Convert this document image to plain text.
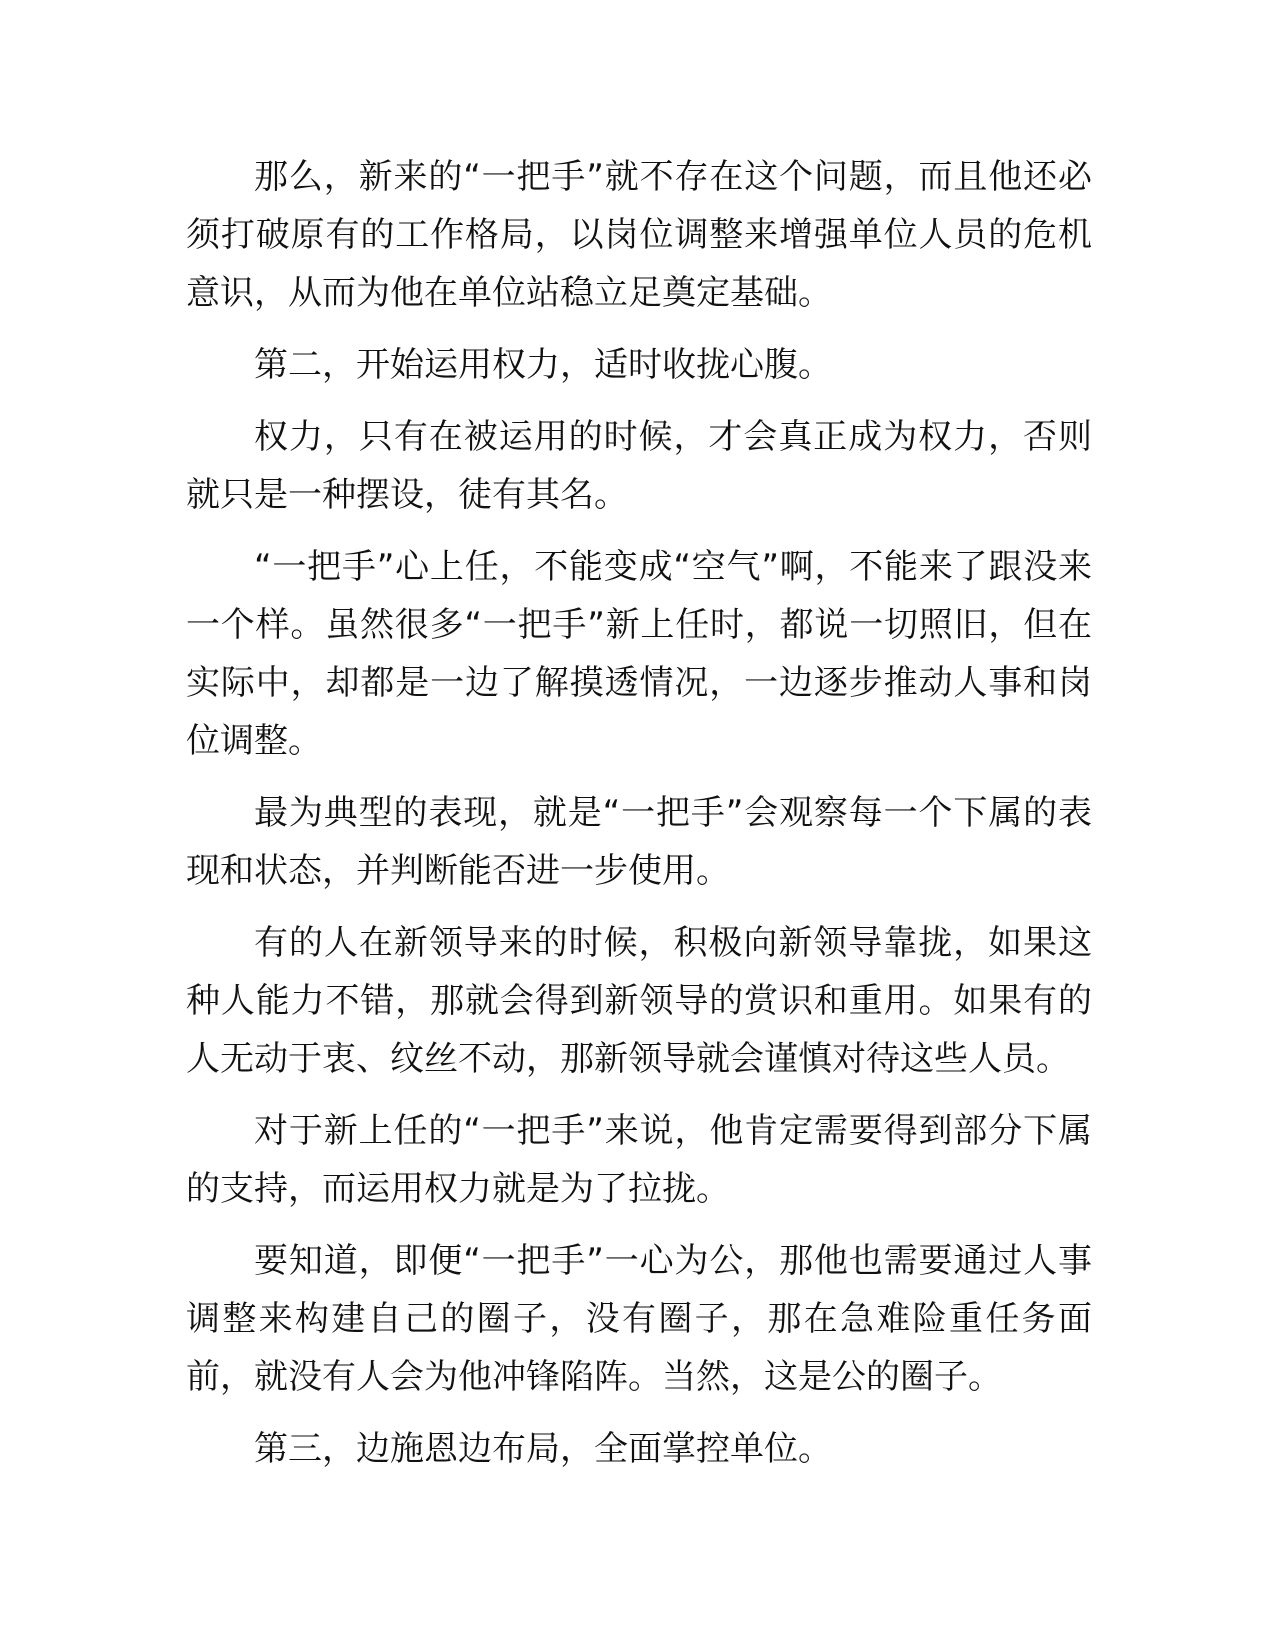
那么，新来的“一把手”就不存在这个问题，而且他还必须打破原有的工作格局，以岗位调整来增强单位人员的危机意识，从而为他在单位站稳立足奠定基础。

第二，开始运用权力，适时收拢心腹。

权力，只有在被运用的时候，才会真正成为权力，否则就只是一种摆设，徒有其名。

“一把手”心上任，不能变成“空气”啊，不能来了跟没来一个样。虽然很多“一把手”新上任时，都说一切照旧，但在实际中，却都是一边了解摸透情况，一边逐步推动人事和岗位调整。

最为典型的表现，就是“一把手”会观察每一个下属的表现和状态，并判断能否进一步使用。

有的人在新领导来的时候，积极向新领导靠拢，如果这种人能力不错，那就会得到新领导的赏识和重用。如果有的人无动于衷、纹丝不动，那新领导就会谨慎对待这些人员。

对于新上任的“一把手”来说，他肯定需要得到部分下属的支持，而运用权力就是为了拉拢。

要知道，即便“一把手”一心为公，那他也需要通过人事调整来构建自己的圈子，没有圈子，那在急难险重任务面前，就没有人会为他冲锋陷阵。当然，这是公的圈子。

第三，边施恩边布局，全面掌控单位。
